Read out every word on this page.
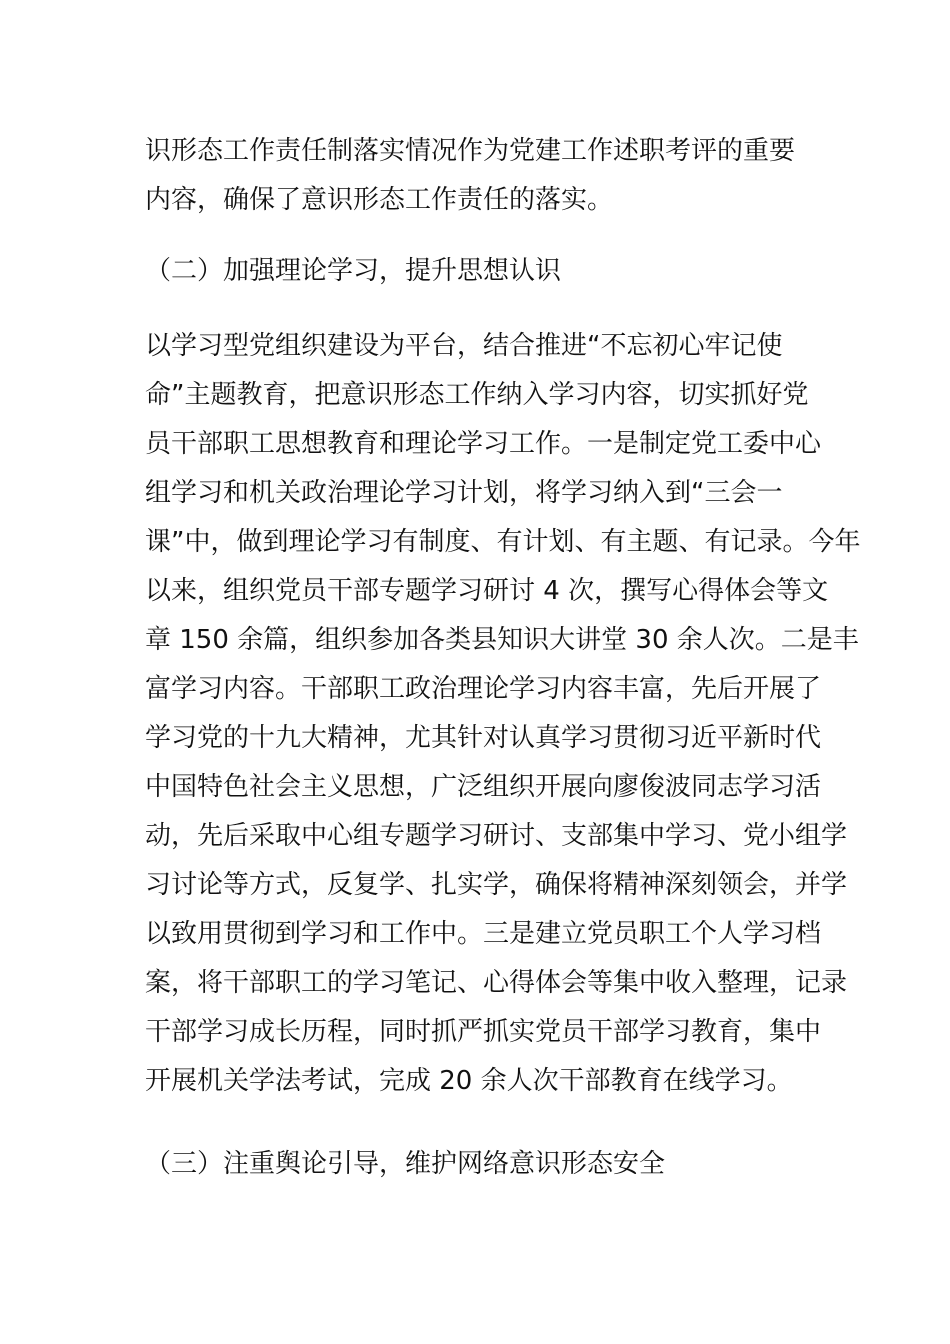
识形态工作责任制落实情况作为党建工作述职考评的重要
内容，确保了意识形态工作责任的落实。
（二）加强理论学习，提升思想认识
以学习型党组织建设为平台，结合推进“不忘初心牢记使
命”主题教育，把意识形态工作纳入学习内容，切实抓好党
员干部职工思想教育和理论学习工作。一是制定党工委中心
组学习和机关政治理论学习计划，将学习纳入到“三会一
课”中，做到理论学习有制度、有计划、有主题、有记录。今年
以来，组织党员干部专题学习研讨 4 次，撰写心得体会等文
章 150 余篇，组织参加各类县知识大讲堂 30 余人次。二是丰
富学习内容。干部职工政治理论学习内容丰富，先后开展了
学习党的十九大精神，尤其针对认真学习贯彻习近平新时代
中国特色社会主义思想，广泛组织开展向廖俊波同志学习活
动，先后采取中心组专题学习研讨、支部集中学习、党小组学
习讨论等方式，反复学、扎实学，确保将精神深刻领会，并学
以致用贯彻到学习和工作中。三是建立党员职工个人学习档
案，将干部职工的学习笔记、心得体会等集中收入整理，记录
干部学习成长历程，同时抓严抓实党员干部学习教育，集中
开展机关学法考试，完成 20 余人次干部教育在线学习。
（三）注重舆论引导，维护网络意识形态安全
